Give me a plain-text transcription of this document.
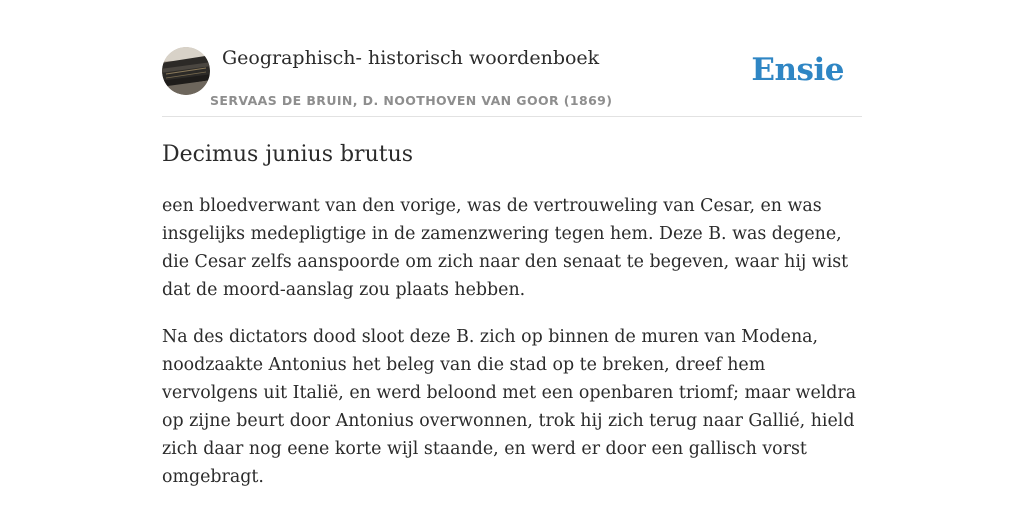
Geographisch- historisch woordenboek
SERVAAS DE BRUIN, D. NOOTHOVEN VAN GOOR (1869)
Ensie
Decimus junius brutus

een bloedverwant van den vorige, was de vertrouweling van Cesar, en was insgelijks medepligtige in de zamenzwering tegen hem. Deze B. was degene, die Cesar zelfs aanspoorde om zich naar den senaat te begeven, waar hij wist dat de moord-aanslag zou plaats hebben.

Na des dictators dood sloot deze B. zich op binnen de muren van Modena, noodzaakte Antonius het beleg van die stad op te breken, dreef hem vervolgens uit Italië, en werd beloond met een openbaren triomf; maar weldra op zijne beurt door Antonius overwonnen, trok hij zich terug naar Gallié, hield zich daar nog eene korte wijl staande, en werd er door een gallisch vorst omgebragt.
